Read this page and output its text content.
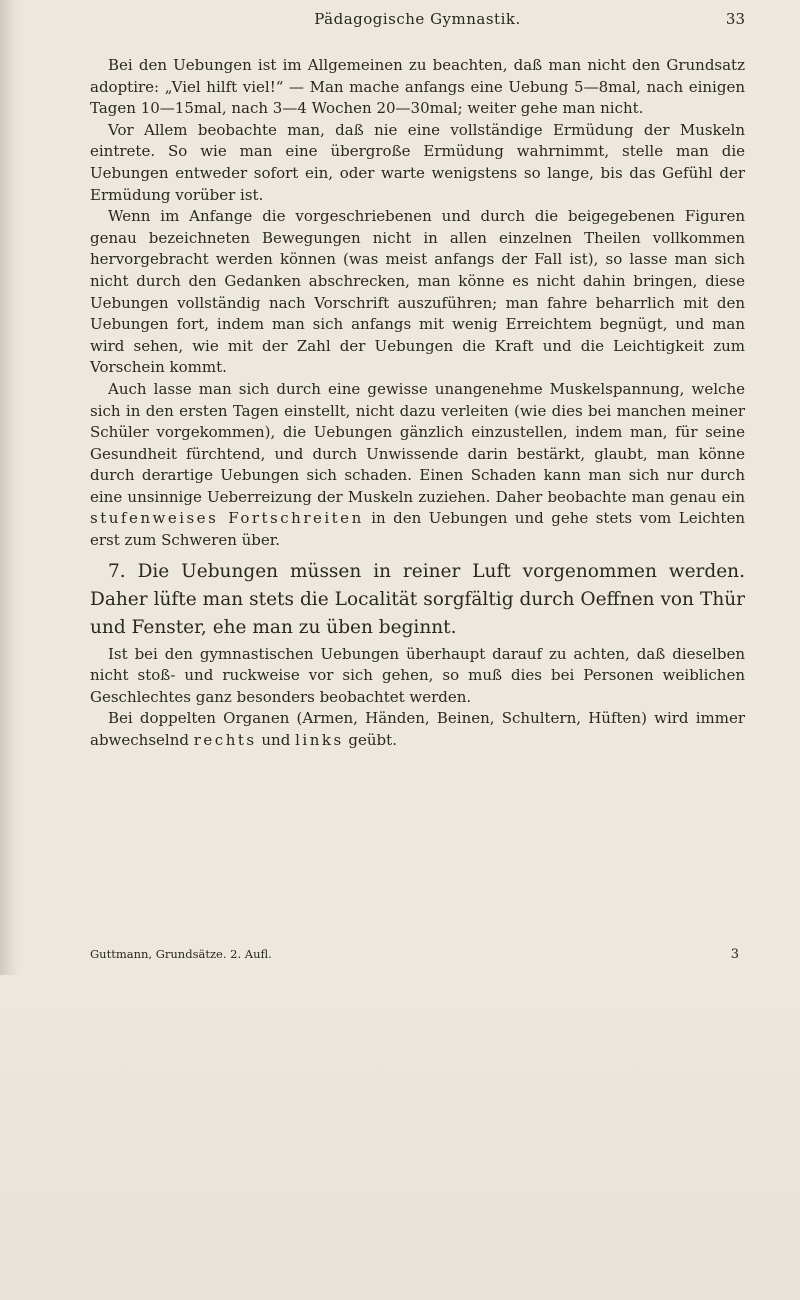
Pädagogische Gymnastik.	33

Bei den Uebungen ist im Allgemeinen zu beachten, daß man nicht den Grundsatz adoptire: „Viel hilft viel!“ — Man mache anfangs eine Uebung 5—8mal, nach einigen Tagen 10—15mal, nach 3—4 Wochen 20—30mal; weiter gehe man nicht.

Vor Allem beobachte man, daß nie eine vollständige Ermüdung der Muskeln eintrete. So wie man eine übergroße Ermüdung wahrnimmt, stelle man die Uebungen entweder sofort ein, oder warte wenigstens so lange, bis das Gefühl der Ermüdung vorüber ist.

Wenn im Anfange die vorgeschriebenen und durch die beigegebenen Figuren genau bezeichneten Bewegungen nicht in allen einzelnen Theilen vollkommen hervorgebracht werden können (was meist anfangs der Fall ist), so lasse man sich nicht durch den Gedanken abschrecken, man könne es nicht dahin bringen, diese Uebungen vollständig nach Vorschrift auszuführen; man fahre beharrlich mit den Uebungen fort, indem man sich anfangs mit wenig Erreichtem begnügt, und man wird sehen, wie mit der Zahl der Uebungen die Kraft und die Leichtigkeit zum Vorschein kommt.

Auch lasse man sich durch eine gewisse unangenehme Muskelspannung, welche sich in den ersten Tagen einstellt, nicht dazu verleiten (wie dies bei manchen meiner Schüler vorgekommen), die Uebungen gänzlich einzustellen, indem man, für seine Gesundheit fürchtend, und durch Unwissende darin bestärkt, glaubt, man könne durch derartige Uebungen sich schaden. Einen Schaden kann man sich nur durch eine unsinnige Ueberreizung der Muskeln zuziehen. Daher beobachte man genau ein stufenweises Fortschreiten in den Uebungen und gehe stets vom Leichten erst zum Schweren über.

7. Die Uebungen müssen in reiner Luft vorgenommen werden. Daher lüfte man stets die Localität sorgfältig durch Oeffnen von Thür und Fenster, ehe man zu üben beginnt.

Ist bei den gymnastischen Uebungen überhaupt darauf zu achten, daß dieselben nicht stoß- und ruckweise vor sich gehen, so muß dies bei Personen weiblichen Geschlechtes ganz besonders beobachtet werden.

Bei doppelten Organen (Armen, Händen, Beinen, Schultern, Hüften) wird immer abwechselnd rechts und links geübt.

Guttmann, Grundsätze. 2. Aufl.	3
